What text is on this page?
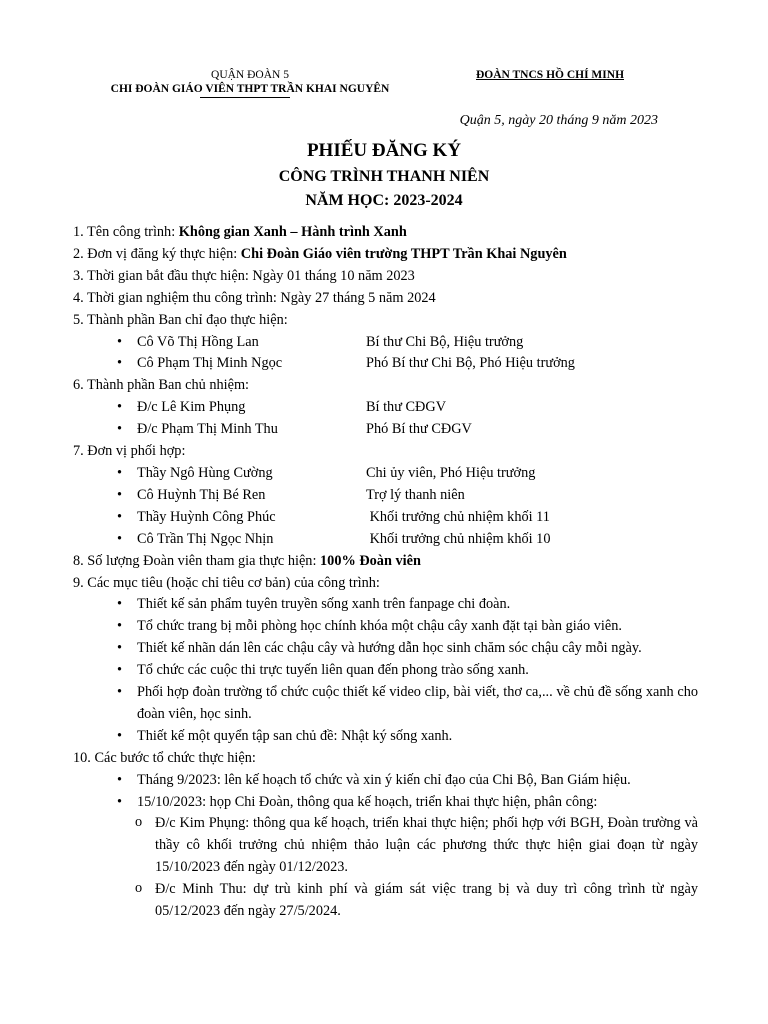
QUẬN ĐOÀN 5
CHI ĐOÀN GIÁO VIÊN THPT TRẦN KHAI NGUYÊN
ĐOÀN TNCS HỒ CHÍ MINH
Quận 5, ngày 20 tháng 9 năm 2023
PHIẾU ĐĂNG KÝ
CÔNG TRÌNH THANH NIÊN
NĂM HỌC: 2023-2024
1. Tên công trình: Không gian Xanh – Hành trình Xanh
2. Đơn vị đăng ký thực hiện: Chi Đoàn Giáo viên trường THPT Trần Khai Nguyên
3. Thời gian bắt đầu thực hiện: Ngày 01 tháng 10 năm 2023
4. Thời gian nghiệm thu công trình: Ngày 27 tháng 5 năm 2024
5. Thành phần Ban chỉ đạo thực hiện:
• Cô Võ Thị Hồng Lan	Bí thư Chi Bộ, Hiệu trưởng
• Cô Phạm Thị Minh Ngọc	Phó Bí thư Chi Bộ, Phó Hiệu trưởng
6. Thành phần Ban chủ nhiệm:
• Đ/c Lê Kim Phụng	Bí thư CĐGV
• Đ/c Phạm Thị Minh Thu	Phó Bí thư CĐGV
7. Đơn vị phối hợp:
• Thầy Ngô Hùng Cường	Chi ủy viên, Phó Hiệu trưởng
• Cô Huỳnh Thị Bé Ren	Trợ lý thanh niên
• Thầy Huỳnh Công Phúc	Khối trưởng chủ nhiệm khối 11
• Cô Trần Thị Ngọc Nhịn	Khối trưởng chủ nhiệm khối 10
8. Số lượng Đoàn viên tham gia thực hiện: 100% Đoàn viên
9. Các mục tiêu (hoặc chỉ tiêu cơ bản) của công trình:
• Thiết kế sản phẩm tuyên truyền sống xanh trên fanpage chi đoàn.
• Tổ chức trang bị mỗi phòng học chính khóa một chậu cây xanh đặt tại bàn giáo viên.
• Thiết kế nhãn dán lên các chậu cây và hướng dẫn học sinh chăm sóc chậu cây mỗi ngày.
• Tổ chức các cuộc thi trực tuyến liên quan đến phong trào sống xanh.
• Phối hợp đoàn trường tổ chức cuộc thiết kế video clip, bài viết, thơ ca,... về chủ đề sống xanh cho đoàn viên, học sinh.
• Thiết kế một quyển tập san chủ đề: Nhật ký sống xanh.
10. Các bước tổ chức thực hiện:
• Tháng 9/2023: lên kế hoạch tổ chức và xin ý kiến chỉ đạo của Chi Bộ, Ban Giám hiệu.
• 15/10/2023: họp Chi Đoàn, thông qua kế hoạch, triển khai thực hiện, phân công:
o Đ/c Kim Phụng: thông qua kế hoạch, triển khai thực hiện; phối hợp với BGH, Đoàn trường và thầy cô khối trưởng chủ nhiệm thảo luận các phương thức thực hiện giai đoạn từ ngày 15/10/2023 đến ngày 01/12/2023.
o Đ/c Minh Thu: dự trù kinh phí và giám sát việc trang bị và duy trì công trình từ ngày 05/12/2023 đến ngày 27/5/2024.
